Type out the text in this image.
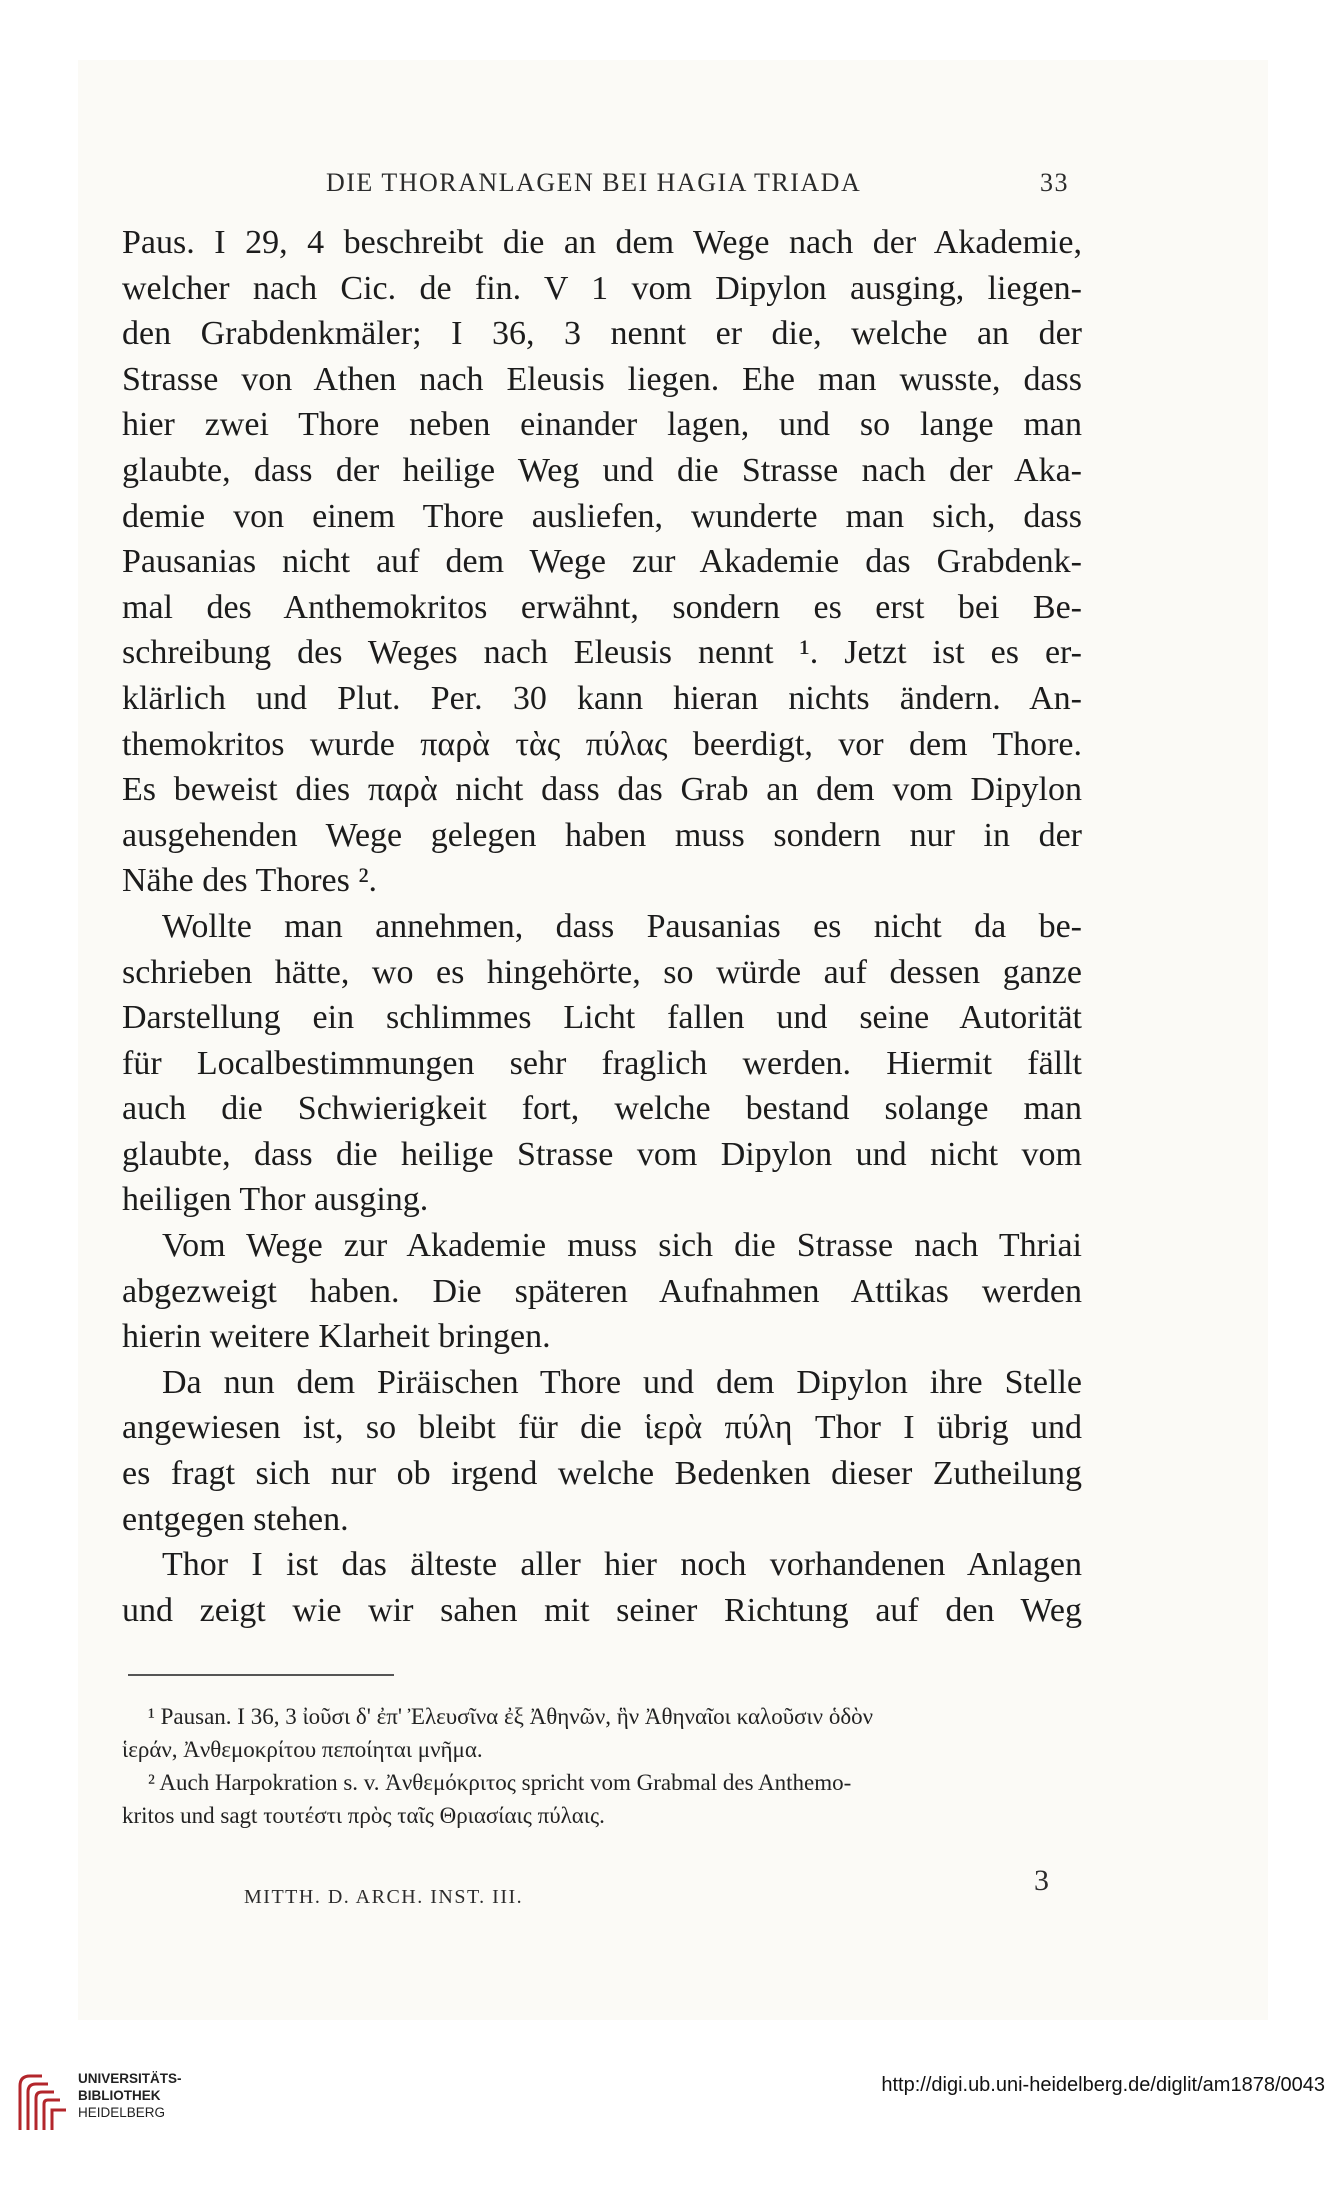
DIE THORANLAGEN BEI HAGIA TRIADA	33
Paus. I 29, 4 beschreibt die an dem Wege nach der Akademie,
welcher nach Cic. de fin. V 1 vom Dipylon ausging, liegen-
den Grabdenkmäler; I 36, 3 nennt er die, welche an der
Strasse von Athen nach Eleusis liegen. Ehe man wusste, dass
hier zwei Thore neben einander lagen, und so lange man
glaubte, dass der heilige Weg und die Strasse nach der Aka-
demie von einem Thore ausliefen, wunderte man sich, dass
Pausanias nicht auf dem Wege zur Akademie das Grabdenk-
mal des Anthemokritos erwähnt, sondern es erst bei Be-
schreibung des Weges nach Eleusis nennt ¹. Jetzt ist es er-
klärlich und Plut. Per. 30 kann hieran nichts ändern. An-
themokritos wurde παρὰ τὰς πύλας beerdigt, vor dem Thore.
Es beweist dies παρὰ nicht dass das Grab an dem vom Dipylon
ausgehenden Wege gelegen haben muss sondern nur in der
Nähe des Thores ².
Wollte man annehmen, dass Pausanias es nicht da be-
schrieben hätte, wo es hingehörte, so würde auf dessen ganze
Darstellung ein schlimmes Licht fallen und seine Autorität
für Localbestimmungen sehr fraglich werden. Hiermit fällt
auch die Schwierigkeit fort, welche bestand solange man
glaubte, dass die heilige Strasse vom Dipylon und nicht vom
heiligen Thor ausging.
Vom Wege zur Akademie muss sich die Strasse nach Thriai
abgezweigt haben. Die späteren Aufnahmen Attikas werden
hierin weitere Klarheit bringen.
Da nun dem Piräischen Thore und dem Dipylon ihre Stelle
angewiesen ist, so bleibt für die ἱερὰ πύλη Thor I übrig und
es fragt sich nur ob irgend welche Bedenken dieser Zutheilung
entgegen stehen.
Thor I ist das älteste aller hier noch vorhandenen Anlagen
und zeigt wie wir sahen mit seiner Richtung auf den Weg
¹ Pausan. I 36, 3 ἰοῦσι δ' ἐπ' Ἐλευσῖνα ἐξ Ἀθηνῶν, ἣν Ἀθηναῖοι καλοῦσιν ὁδὸν
ἱεράν, Ἀνθεμοκρίτου πεποίηται μνῆμα.
² Auch Harpokration s. v. Ἀνθεμόκριτος spricht vom Grabmal des Anthemo-
kritos und sagt τουτέστι πρὸς ταῖς Θριασίαις πύλαις.
MITTH. D. ARCH. INST. III.	3
UNIVERSITÄTS-
BIBLIOTHEK
HEIDELBERG
http://digi.ub.uni-heidelberg.de/diglit/am1878/0043
